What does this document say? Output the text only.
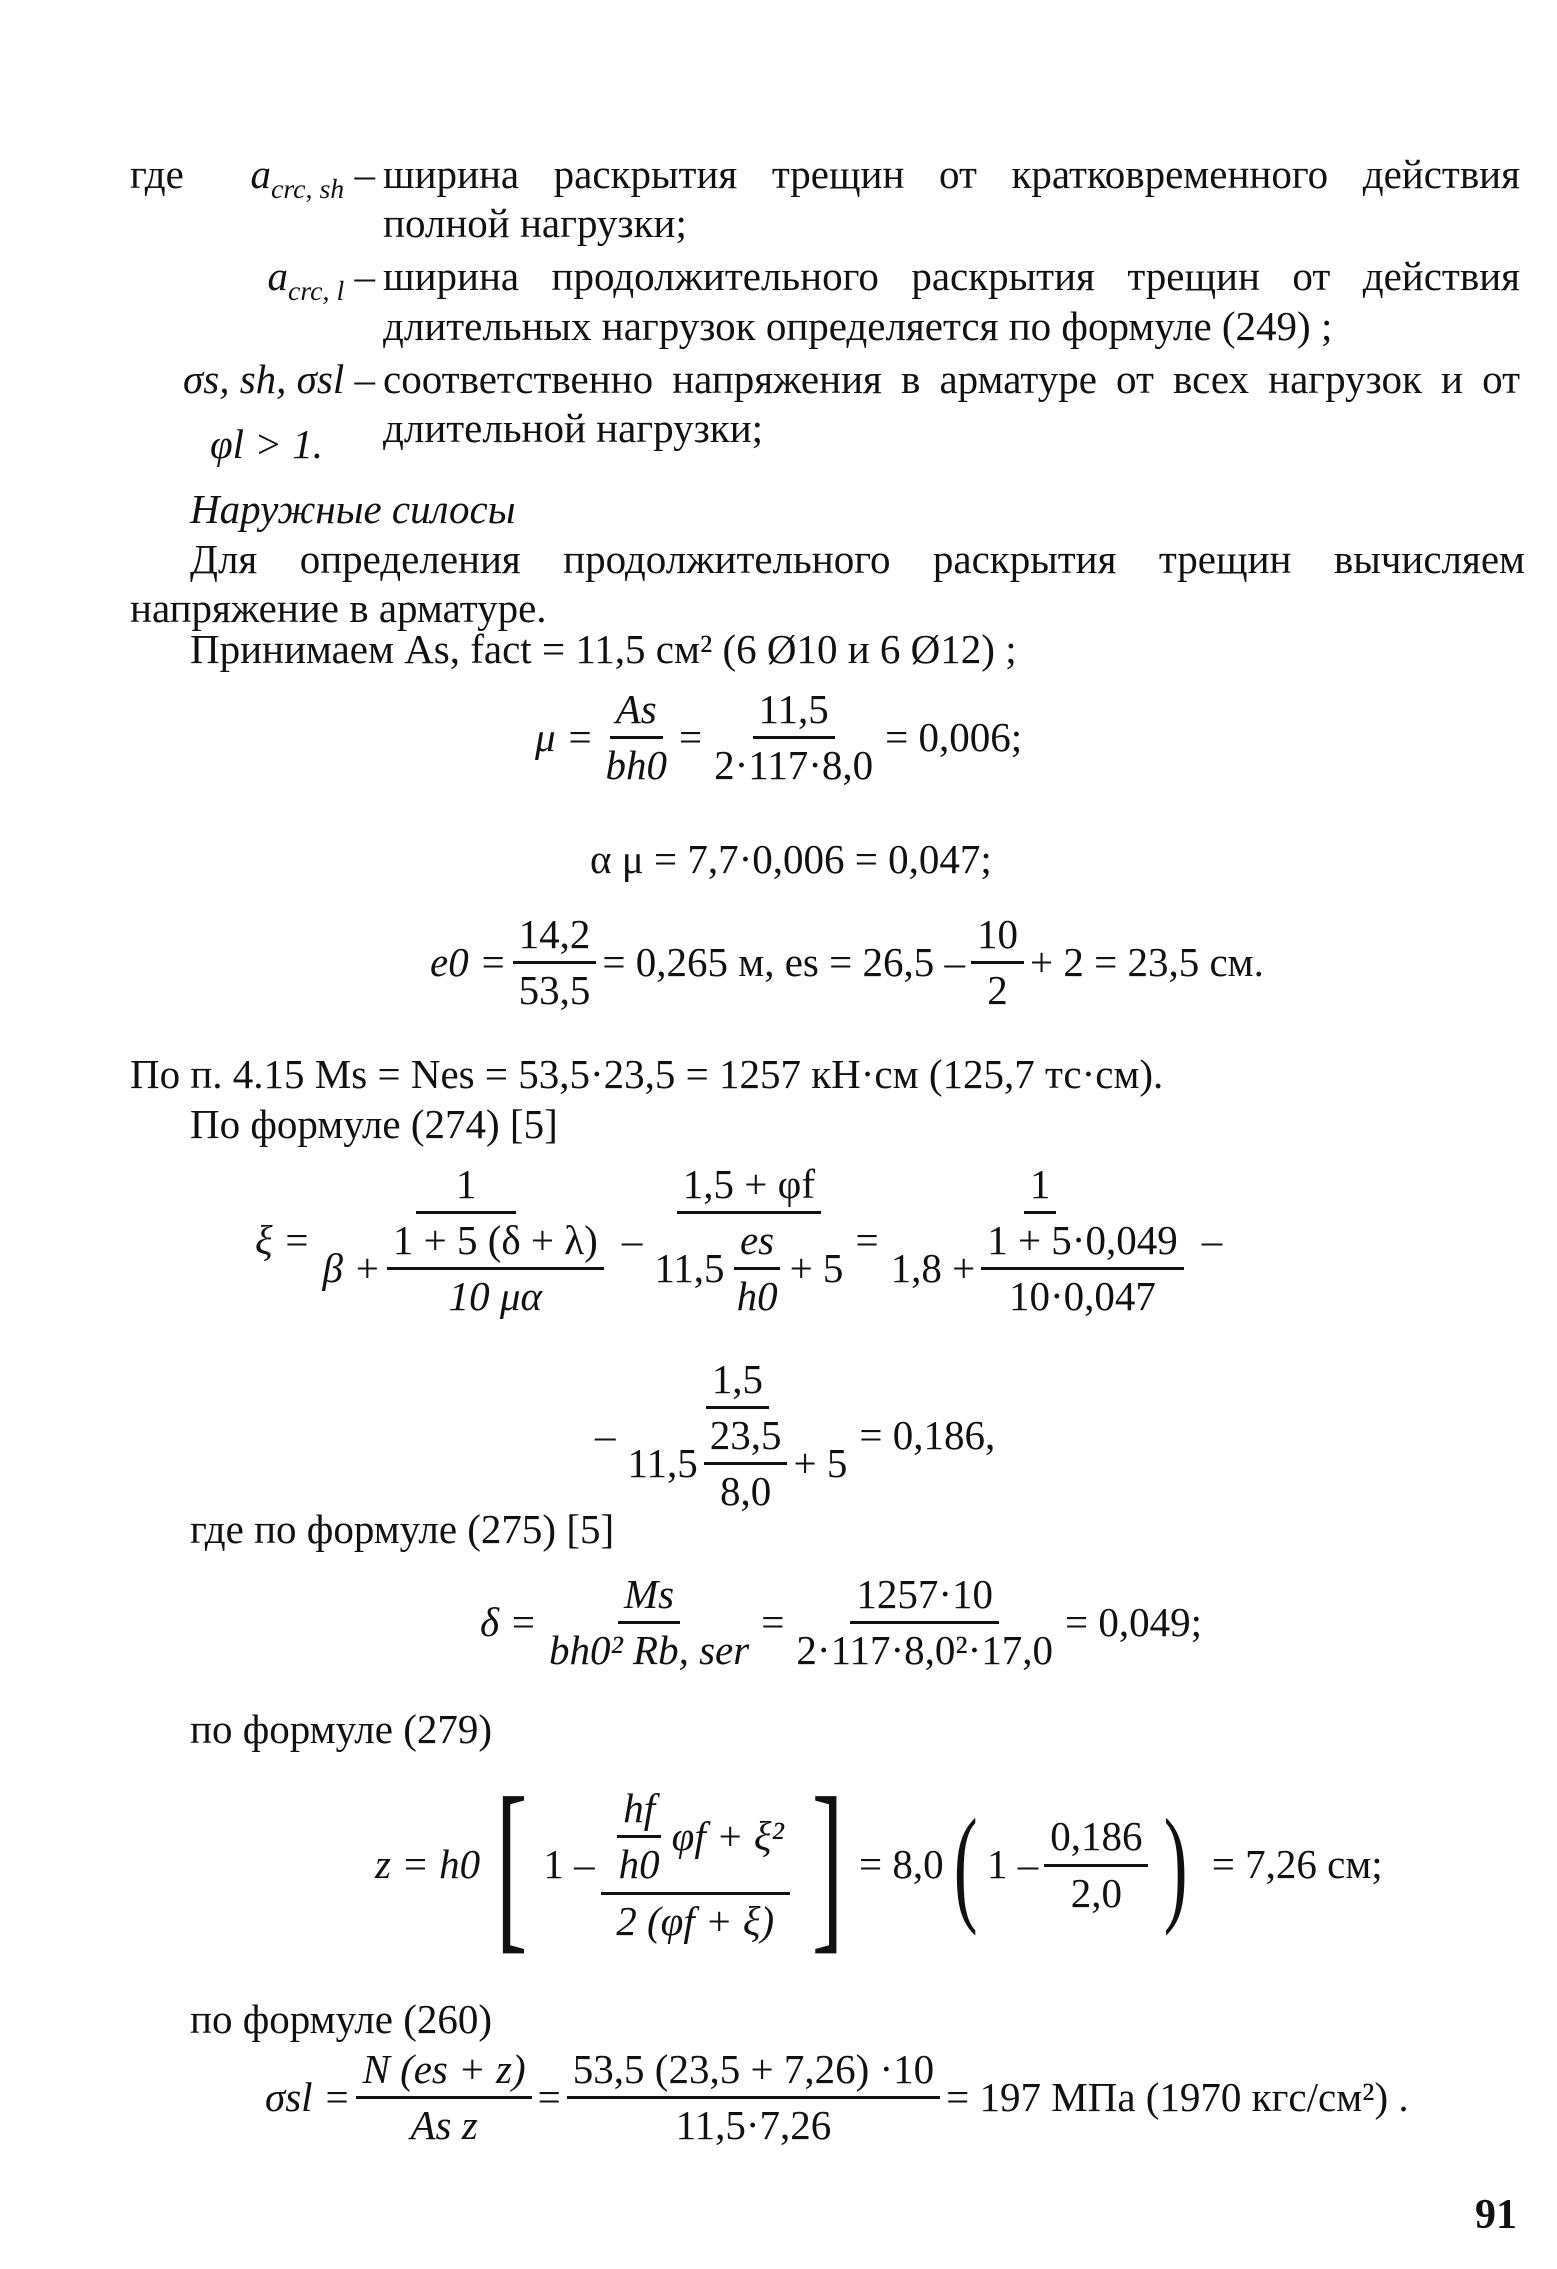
где $a_{crc, sh}$ – ширина раскрытия трещин от кратковременного действия полной нагрузки;
$a_{crc, l}$ – ширина продолжительного раскрытия трещин от действия длительных нагрузок определяется по формуле (249) ;
σs, sh, σsl – соответственно напряжения в арматуре от всех нагрузок и от длительной нагрузки;
φl > 1.
Наружные силосы
Для определения продолжительного раскрытия трещин вычисляем напряжение в арматуре.
Принимаем As, fact = 11,5 см² (6 Ø10 и 6 Ø12) ;
$\mu = \frac{As}{bh0} = \frac{11,5}{2\cdot 117\cdot 8,0} = 0,006$;
α μ = 7,7·0,006 = 0,047;
$e0 = \frac{14,2}{53,5} = 0,265$ м, es = $26,5 - \frac{10}{2} + 2 = 23,5$ см.
По п. 4.15 Ms = Nes = 53,5·23,5 = 1257 кН·см (125,7 тс·см).
По формуле (274) [5]
$\xi = \frac{1}{\beta + \frac{1 + 5 (\delta + \lambda)}{10 \mu\alpha}} - \frac{1,5 + \varphi f}{11,5 \frac{es}{h0} + 5} = \frac{1}{1,8 + \frac{1 + 5\cdot 0,049}{10\cdot 0,047}}$ –
– $\frac{1,5}{11,5 \frac{23,5}{8,0} + 5} = 0,186$,
где по формуле (275) [5]
$\delta = \frac{Ms}{\text{bh0² Rb, ser}} = \frac{1257\cdot 10}{\text{2·117·8,0²·17,0}} = 0,049$;
по формуле (279)
z = h0 [ $1 - \frac{\frac{hf}{h0} \varphi f + \xi^2}{2 (\varphi f + \xi)}$ ] = 8,0 ( $1 - \frac{0,186}{2,0}$ ) = 7,26 см;
по формуле (260)
$\sigma sl = \frac{N (es + z)}{\text{As z}} = \frac{53,5 (23,5 + 7,26) \cdot 10}{11,5\cdot 7,26} = 197$ МПа (1970 кгс/см²) .
91
